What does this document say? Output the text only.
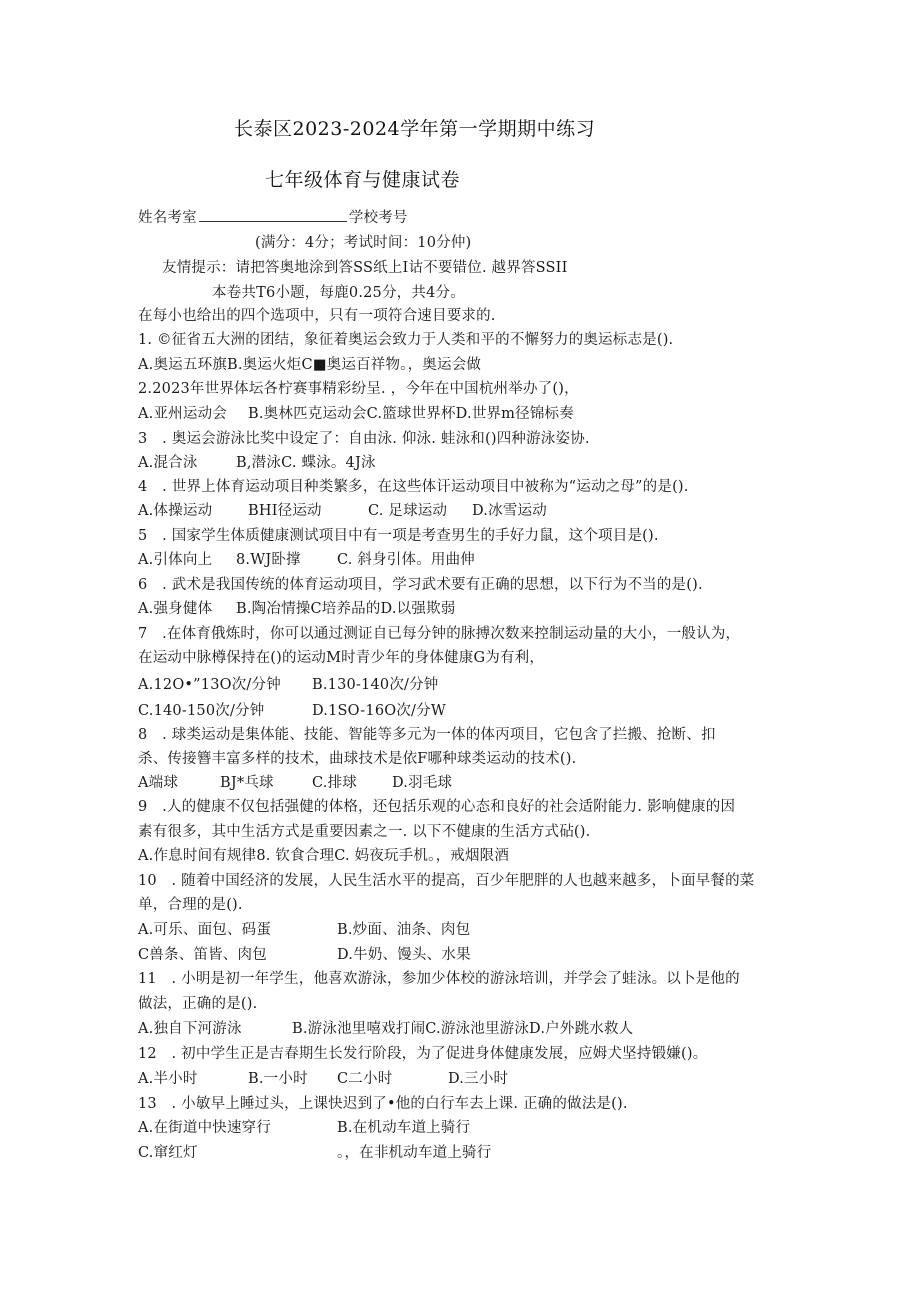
长泰区2023-2024学年第一学期期中练习
七年级体育与健康试卷
姓名考室	学校考号
(满分：4分；考试时间：10分仲)
友情提示：请把答奥地涂到答SS纸上I诂不要错位. 越界答SSII
本卷共T6小题，每鹿0.25分，共4分。
在每小也给出的四个选项中，只有一项符合速目要求的.
1. ©征省五大洲的团结，象征着奥运会致力于人类和平的不懈努力的奥运标志是().
A.奥运五环旗B.奥运火炬C■奥运百祥物。，奥运会做
2.2023年世界体坛各柠赛事精彩纷呈. ，今年在中国杭州举办了()，
A.亚州运动会 B.奥林匹克运动会C.篮球世界杯D.世界m径锦标奏
3　. 奥运会游泳比奖中设定了：自由泳. 仰泳. 蛙泳和()四种游泳姿协.
A.混合泳	B,潜泳C. 蝶泳。4J泳
4　. 世界上体育运动项目种类繁多，在这些体讦运动项目中被称为“运动之母”的是().
A.体操运动 BHI径运动	C. 足球运动 D.冰雪运动
5　. 国家学生体质健康测试项目中有一项是考查男生的手好力鼠，这个项目是().
A.引体向上 8.WJ卧撑 C. 斜身引体。用曲伸
6　. 武术是我国传统的体育运动项目，学习武术要有正确的思想，以下行为不当的是().
A.强身健体 B.陶冶情操C培养品的D.以强欺弱
7　.在体育俄炼时，你可以通过测证自已每分钟的脉搏次数来控制运动量的大小，一般认为，
在运动中脉樽保持在()的运动M时青少年的身体健康G为有利，
A.12O•”13O次/分钟 B.130-140次/分钟
C.140-150次/分钟	D.1SO-16O次/分W
8　. 球类运动是集体能、技能、智能等多元为一体的体丙项目，它包含了拦搬、抢断、扣
杀、传接簪丰富多样的技术，曲球技术是依F哪种球类运动的技术().
A端球	BJ*乓球	C.排球 D.羽毛球
9　.人的健康不仅包括强健的体格，还包括乐观的心态和良好的社会适附能力. 影响健康的因
素有很多，其中生活方式是重要因素之一. 以下不健康的生活方式砧().
A.作息时间有规律8. 钦食合理C. 妈夜玩手机。，戒烟限酒
10　. 随着中国经济的发展，人民生活水平的提高，百少年肥胖的人也越来越多，卜面早餐的菜
单，合理的是().
A.可乐、面包、码蛋	B.炒面、油条、肉包
C兽条、笛皆、肉包	D.牛奶、馒头、水果
11　. 小明是初一年学生，他喜欢游泳，参加少体校的游泳培训，并学会了蛙泳。以卜是他的
做法，正确的是().
A.独自下河游泳	B.游泳池里嘻戏打闹C.游泳池里游泳D.户外跳水救人
12　. 初中学生正是吉春期生长发行阶段，为了促进身体健康发展，应姆犬坚持锻嫌()。
A.半小时	B.一小时 C二小时	D.三小时
13　. 小敏早上睡过头，上课快迟到了•他的白行车去上课. 正确的做法是().
A.在街道中快速穿行	B.在机动车道上骑行
C.窜红灯	。，在非机动车道上骑行
